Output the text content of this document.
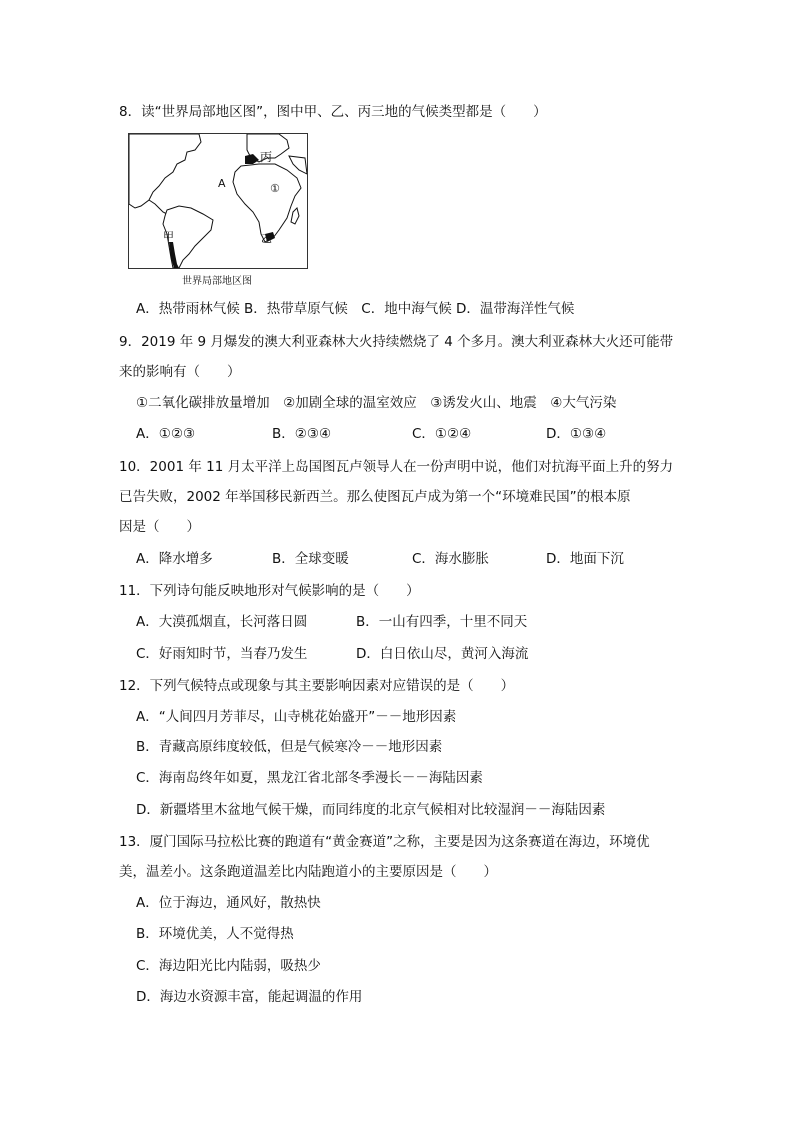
8．读“世界局部地区图”，图中甲、乙、丙三地的气候类型都是（　　）
丙
A	①
甲	乙
世界局部地区图
A．热带雨林气候 B．热带草原气候　C．地中海气候 D．温带海洋性气候
9．2019 年 9 月爆发的澳大利亚森林大火持续燃烧了 4 个多月。澳大利亚森林大火还可能带
来的影响有（　　）
①二氧化碳排放量增加　②加剧全球的温室效应　③诱发火山、地震　④大气污染
A．①②③	B．②③④	C．①②④	D．①③④
10．2001 年 11 月太平洋上岛国图瓦卢领导人在一份声明中说，他们对抗海平面上升的努力
已告失败，2002 年举国移民新西兰。那么使图瓦卢成为第一个“环境难民国”的根本原
因是（　　）
A．降水增多	B．全球变暖	C．海水膨胀	D．地面下沉
11．下列诗句能反映地形对气候影响的是（　　）
A．大漠孤烟直，长河落日圆	B．一山有四季，十里不同天
C．好雨知时节，当春乃发生	D．白日依山尽，黄河入海流
12．下列气候特点或现象与其主要影响因素对应错误的是（　　）
A．“人间四月芳菲尽，山寺桃花始盛开”－－地形因素
B．青藏高原纬度较低，但是气候寒冷－－地形因素
C．海南岛终年如夏，黑龙江省北部冬季漫长－－海陆因素
D．新疆塔里木盆地气候干燥，而同纬度的北京气候相对比较湿润－－海陆因素
13．厦门国际马拉松比赛的跑道有“黄金赛道”之称，主要是因为这条赛道在海边，环境优
美，温差小。这条跑道温差比内陆跑道小的主要原因是（　　）
A．位于海边，通风好，散热快
B．环境优美，人不觉得热
C．海边阳光比内陆弱，吸热少
D．海边水资源丰富，能起调温的作用
